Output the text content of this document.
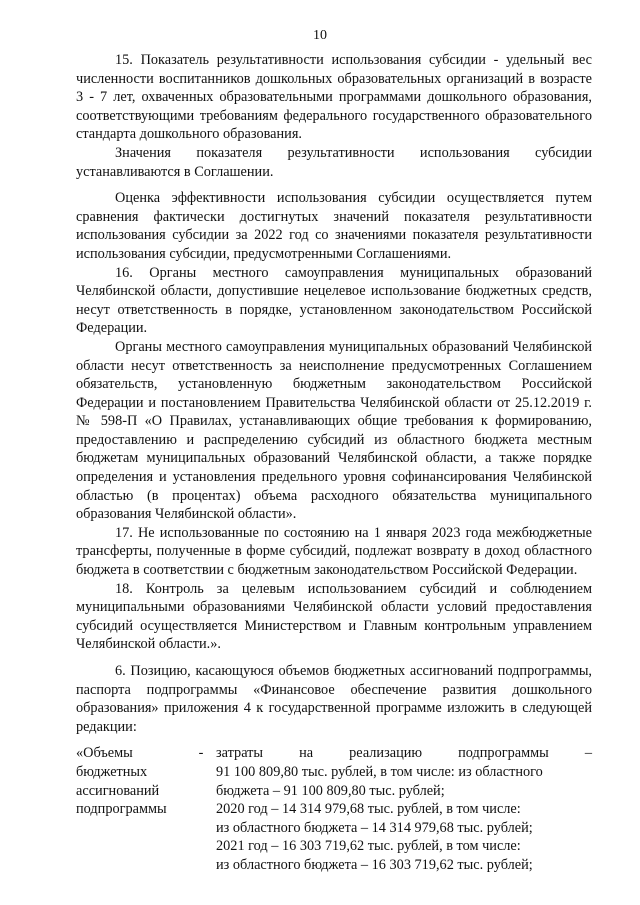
10

15. Показатель результативности использования субсидии - удельный вес численности воспитанников дошкольных образовательных организаций в возрасте 3 - 7 лет, охваченных образовательными программами дошкольного образования, соответствующими требованиям федерального государственного образовательного стандарта дошкольного образования.

Значения показателя результативности использования субсидии устанавливаются в Соглашении.

Оценка эффективности использования субсидии осуществляется путем сравнения фактически достигнутых значений показателя результативности использования субсидии за 2022 год со значениями показателя результативности использования субсидии, предусмотренными Соглашениями.

16. Органы местного самоуправления муниципальных образований Челябинской области, допустившие нецелевое использование бюджетных средств, несут ответственность в порядке, установленном законодательством Российской Федерации.

Органы местного самоуправления муниципальных образований Челябинской области несут ответственность за неисполнение предусмотренных Соглашением обязательств, установленную бюджетным законодательством Российской Федерации и постановлением Правительства Челябинской области от 25.12.2019 г. № 598-П «О Правилах, устанавливающих общие требования к формированию, предоставлению и распределению субсидий из областного бюджета местным бюджетам муниципальных образований Челябинской области, а также порядке определения и установления предельного уровня софинансирования Челябинской областью (в процентах) объема расходного обязательства муниципального образования Челябинской области».

17. Не использованные по состоянию на 1 января 2023 года межбюджетные трансферты, полученные в форме субсидий, подлежат возврату в доход областного бюджета в соответствии с бюджетным законодательством Российской Федерации.

18. Контроль за целевым использованием субсидий и соблюдением муниципальными образованиями Челябинской области условий предоставления субсидий осуществляется Министерством и Главным контрольным управлением Челябинской области.».

6. Позицию, касающуюся объемов бюджетных ассигнований подпрограммы, паспорта подпрограммы «Финансовое обеспечение развития дошкольного образования» приложения 4 к государственной программе изложить в следующей редакции:

«Объемы
бюджетных
ассигнований
подпрограммы
- затраты на реализацию подпрограммы –
91 100 809,80 тыс. рублей, в том числе: из областного
бюджета – 91 100 809,80 тыс. рублей;
2020 год – 14 314 979,68 тыс. рублей, в том числе:
из областного бюджета – 14 314 979,68 тыс. рублей;
2021 год – 16 303 719,62 тыс. рублей, в том числе:
из областного бюджета – 16 303 719,62 тыс. рублей;
